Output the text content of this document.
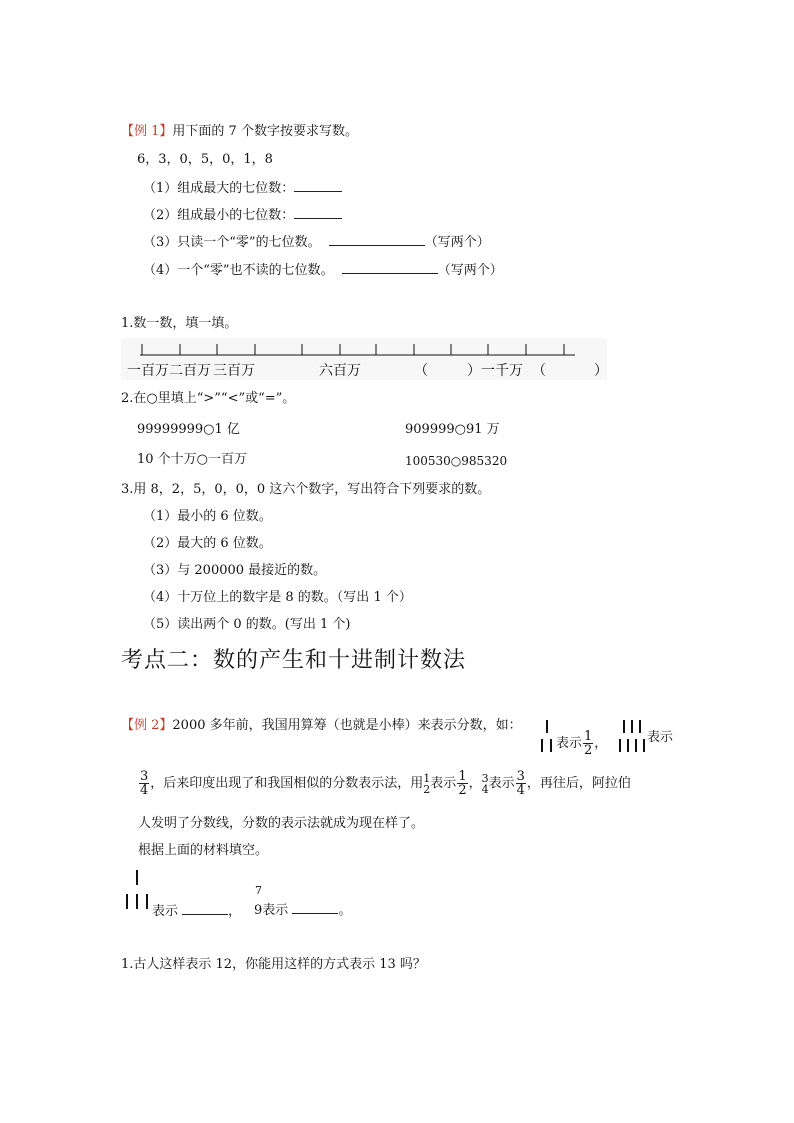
【例 1】用下面的 7 个数字按要求写数。
6，3，0，5，0，1，8
（1）组成最大的七位数：
（2）组成最小的七位数：
（3）只读一个“零”的七位数。	（写两个）
（4）一个“零”也不读的七位数。	（写两个）
1.数一数，填一填。
一百万 二百万 三百万	六百万	（	）一千万 （	）
2.在○里填上“>”“<”或“=”。
99999999○1 亿	909999○91 万
10 个十万○一百万	100530○985320
3.用 8，2，5，0，0，0 这六个数字，写出符合下列要求的数。
（1）最小的 6 位数。
（2）最大的 6 位数。
（3）与 200000 最接近的数。
（4）十万位上的数字是 8 的数。（写出 1 个）
（5）读出两个 0 的数。(写出 1 个)
考点二：数的产生和十进制计数法
【例 2】2000 多年前，我国用算筹（也就是小棒）来表示分数，如：
表示 $\frac{1}{2}$ ，	表示
$\frac{3}{4}$ ，后来印度出现了和我国相似的分数表示法，用 1
2 表示 $\frac{1}{2}$ ， 3
4 表示 $\frac{3}{4}$ ，再往后，阿拉伯
人发明了分数线，分数的表示法就成为现在样了。
根据上面的材料填空。
表示	，
7
9表示	。
1.古人这样表示 12，你能用这样的方式表示 13 吗？
